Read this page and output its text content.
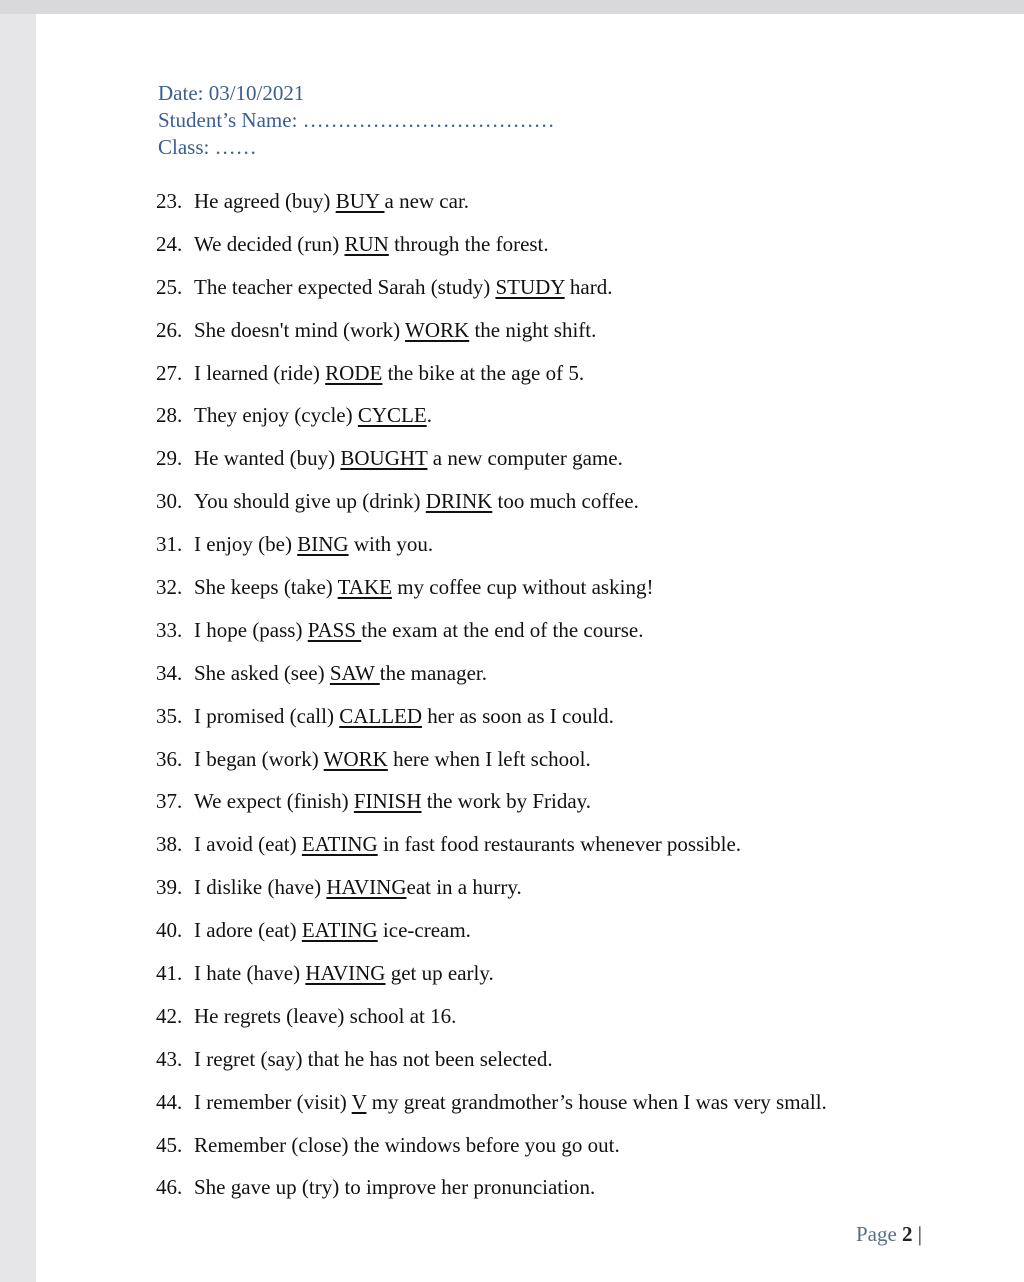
Date: 03/10/2021
Student’s Name: ………………………………
Class: ……
23. He agreed (buy) BUY a new car.
24. We decided (run) RUN through the forest.
25. The teacher expected Sarah (study) STUDY hard.
26. She doesn't mind (work) WORK the night shift.
27. I learned (ride) RODE the bike at the age of 5.
28. They enjoy (cycle) CYCLE.
29. He wanted (buy) BOUGHT a new computer game.
30. You should give up (drink) DRINK too much coffee.
31. I enjoy (be) BING with you.
32. She keeps (take) TAKE my coffee cup without asking!
33. I hope (pass) PASS the exam at the end of the course.
34. She asked (see) SAW the manager.
35. I promised (call) CALLED her as soon as I could.
36. I began (work) WORK here when I left school.
37. We expect (finish) FINISH the work by Friday.
38. I avoid (eat) EATING in fast food restaurants whenever possible.
39. I dislike (have) HAVINGeat in a hurry.
40. I adore (eat) EATING ice-cream.
41. I hate (have) HAVING get up early.
42. He regrets (leave) school at 16.
43. I regret (say) that he has not been selected.
44. I remember (visit) V my great grandmother’s house when I was very small.
45. Remember (close) the windows before you go out.
46. She gave up (try) to improve her pronunciation.
Page 2 |
